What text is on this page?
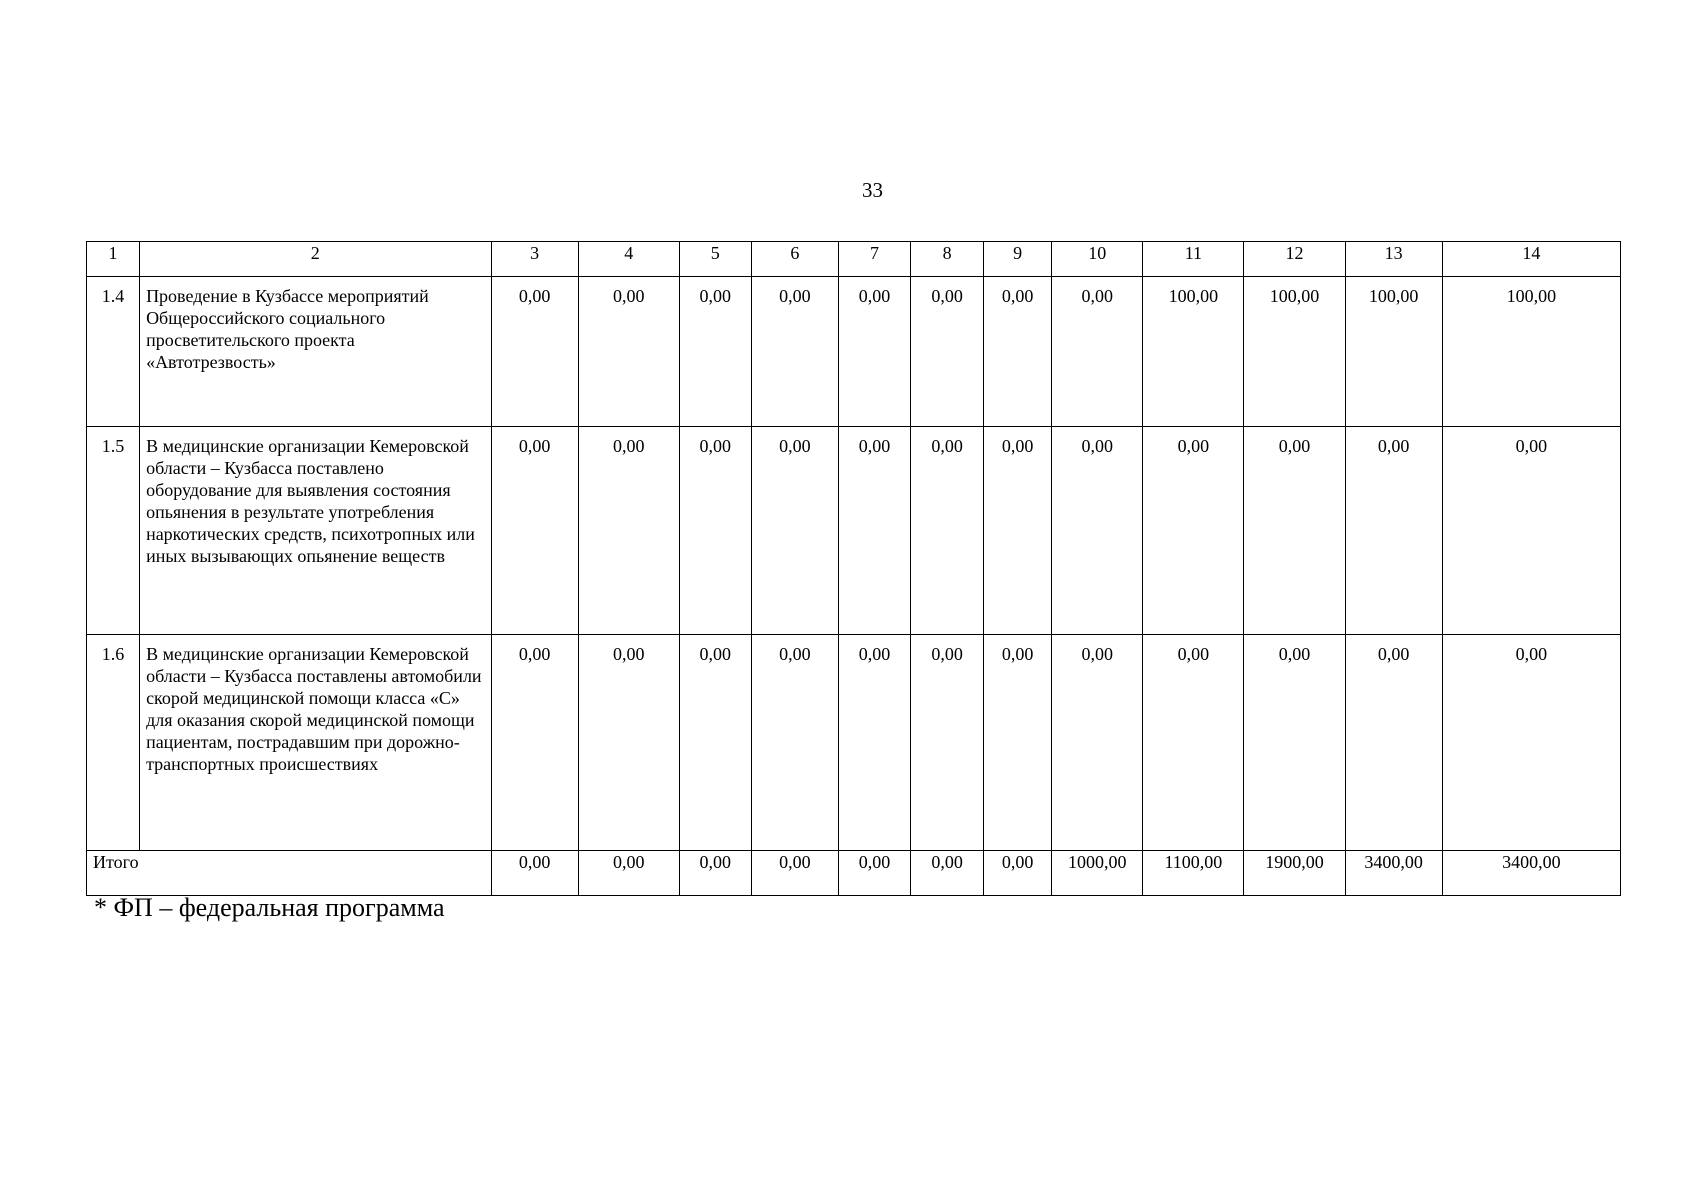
33
1	2	3	4	5	6	7	8	9	10	11	12	13	14
1.4	Проведение в Кузбассе мероприятий Общероссийского социального просветительского проекта «Автотрезвость»	0,00	0,00	0,00	0,00	0,00	0,00	0,00	0,00	100,00	100,00	100,00	100,00
1.5	В медицинские организации Кемеровской области – Кузбасса поставлено оборудование для выявления состояния опьянения в результате употребления наркотических средств, психотропных или иных вызывающих опьянение веществ	0,00	0,00	0,00	0,00	0,00	0,00	0,00	0,00	0,00	0,00	0,00	0,00
1.6	В медицинские организации Кемеровской области – Кузбасса поставлены автомобили скорой медицинской помощи класса «С» для оказания скорой медицинской помощи пациентам, пострадавшим при дорожно-транспортных происшествиях	0,00	0,00	0,00	0,00	0,00	0,00	0,00	0,00	0,00	0,00	0,00	0,00
Итого		0,00	0,00	0,00	0,00	0,00	0,00	0,00	1000,00	1100,00	1900,00	3400,00	3400,00
* ФП – федеральная программа
